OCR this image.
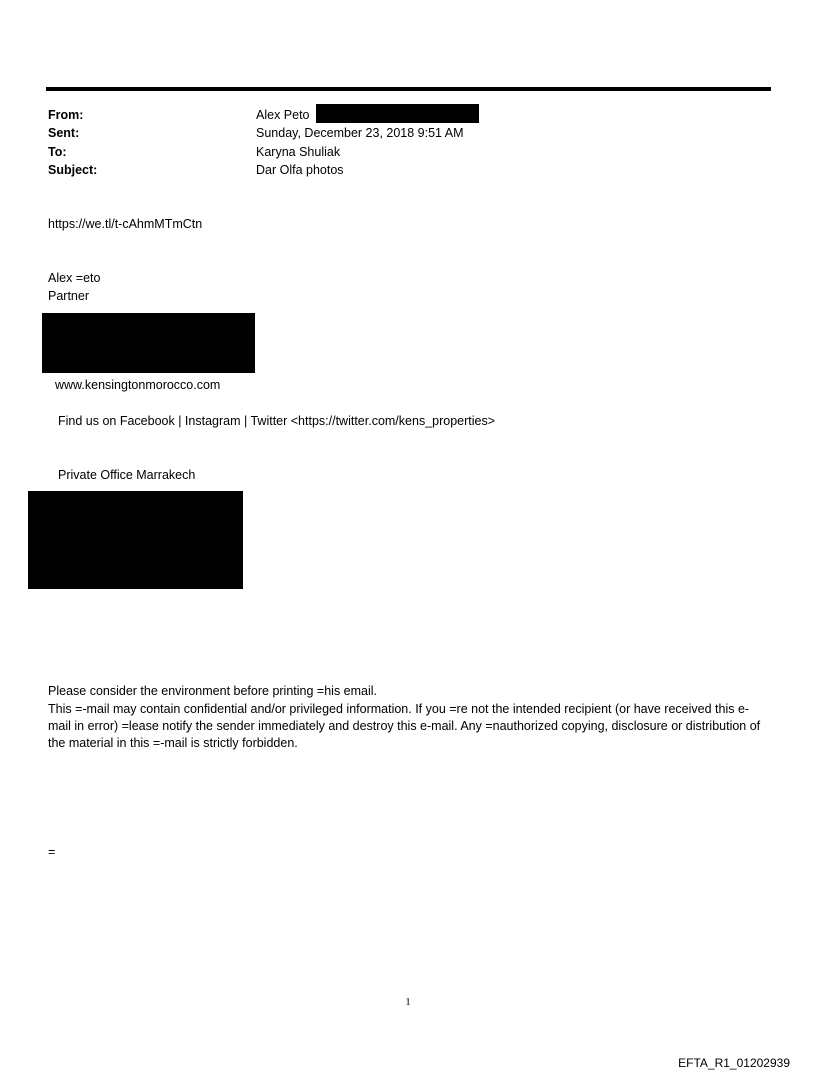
From:	Alex Peto
Sent:	Sunday, December 23, 2018 9:51 AM
To:	Karyna Shuliak
Subject:	Dar Olfa photos
https://we.tl/t-cAhmMTmCtn
Alex =eto
Partner
www.kensingtonmorocco.com
Find us on Facebook | Instagram | Twitter <https://twitter.com/kens_properties>
Private Office Marrakech
Please consider the environment before printing =his email.
This =-mail may contain confidential and/or privileged information. If you =re not the intended recipient (or have received this e-mail in error) =lease notify the sender immediately and destroy this e-mail. Any =nauthorized copying, disclosure or distribution of the material in this =-mail is strictly forbidden.
=
1
EFTA_R1_01202939
